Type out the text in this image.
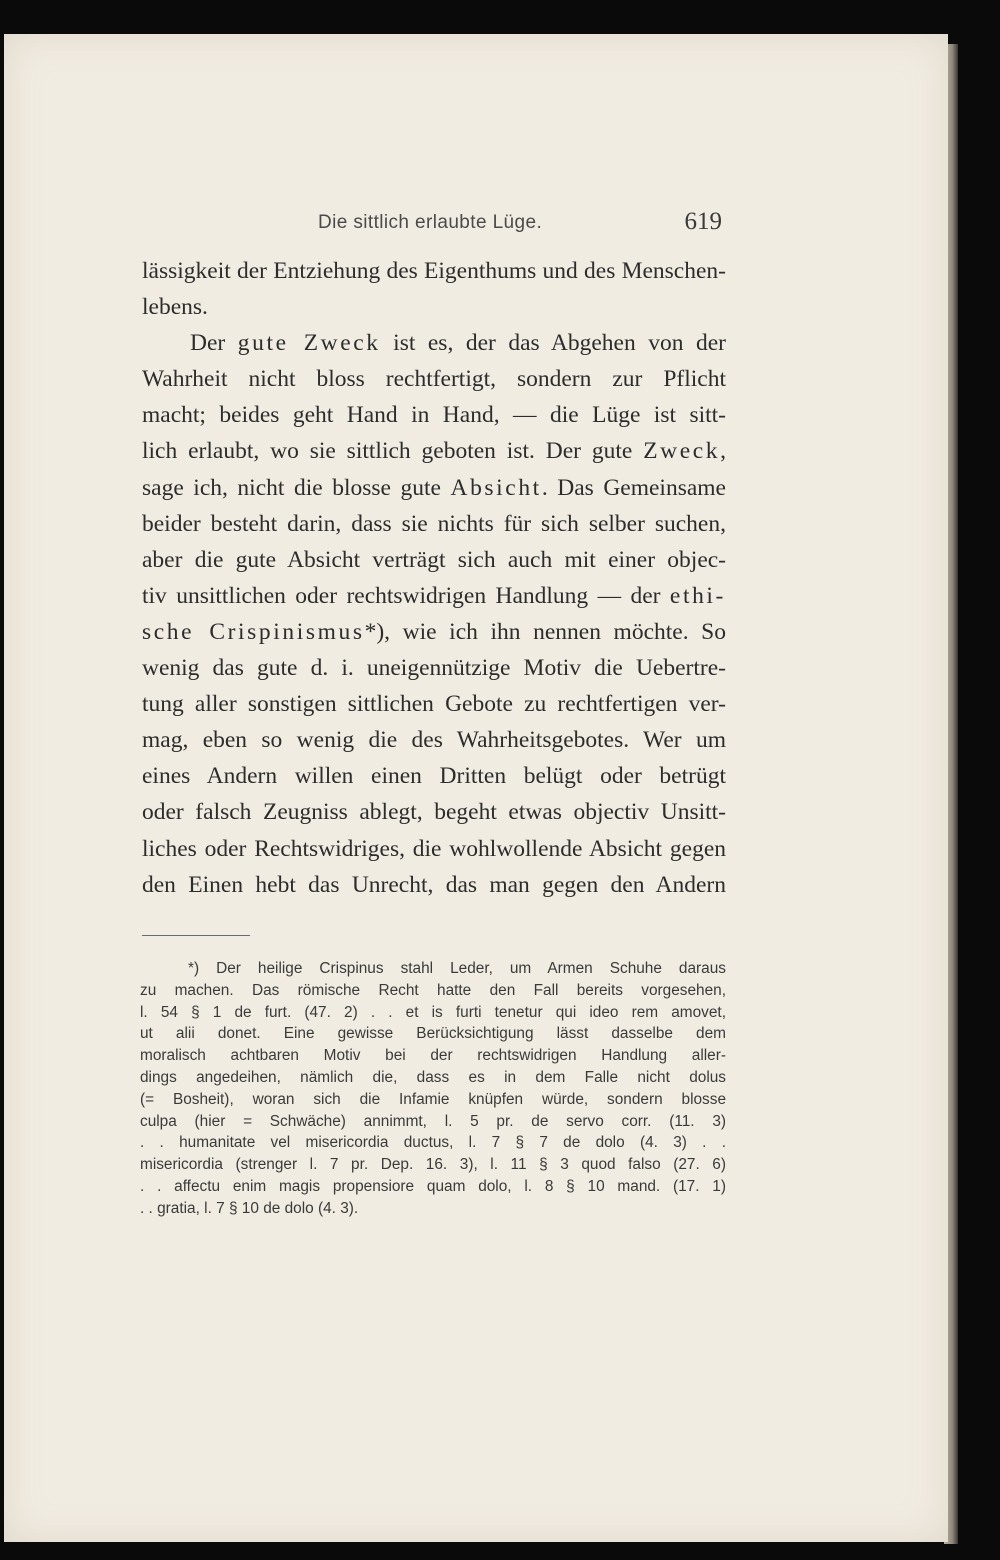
Die sittlich erlaubte Lüge.	619
lässigkeit der Entziehung des Eigenthums und des Menschen-
lebens.
Der gute Zweck ist es, der das Abgehen von der
Wahrheit nicht bloss rechtfertigt, sondern zur Pflicht
macht; beides geht Hand in Hand, — die Lüge ist sitt-
lich erlaubt, wo sie sittlich geboten ist. Der gute Zweck,
sage ich, nicht die blosse gute Absicht. Das Gemeinsame
beider besteht darin, dass sie nichts für sich selber suchen,
aber die gute Absicht verträgt sich auch mit einer objec-
tiv unsittlichen oder rechtswidrigen Handlung — der ethi-
sche Crispinismus*), wie ich ihn nennen möchte. So
wenig das gute d. i. uneigennützige Motiv die Uebertre-
tung aller sonstigen sittlichen Gebote zu rechtfertigen ver-
mag, eben so wenig die des Wahrheitsgebotes. Wer um
eines Andern willen einen Dritten belügt oder betrügt
oder falsch Zeugniss ablegt, begeht etwas objectiv Unsitt-
liches oder Rechtswidriges, die wohlwollende Absicht gegen
den Einen hebt das Unrecht, das man gegen den Andern
*) Der heilige Crispinus stahl Leder, um Armen Schuhe daraus
zu machen. Das römische Recht hatte den Fall bereits vorgesehen,
l. 54 § 1 de furt. (47. 2) . . et is furti tenetur qui ideo rem amovet,
ut alii donet. Eine gewisse Berücksichtigung lässt dasselbe dem
moralisch achtbaren Motiv bei der rechtswidrigen Handlung aller-
dings angedeihen, nämlich die, dass es in dem Falle nicht dolus
(= Bosheit), woran sich die Infamie knüpfen würde, sondern blosse
culpa (hier = Schwäche) annimmt, l. 5 pr. de servo corr. (11. 3)
. . humanitate vel misericordia ductus, l. 7 § 7 de dolo (4. 3) . .
misericordia (strenger l. 7 pr. Dep. 16. 3), l. 11 § 3 quod falso (27. 6)
. . affectu enim magis propensiore quam dolo, l. 8 § 10 mand. (17. 1)
. . gratia, l. 7 § 10 de dolo (4. 3).
